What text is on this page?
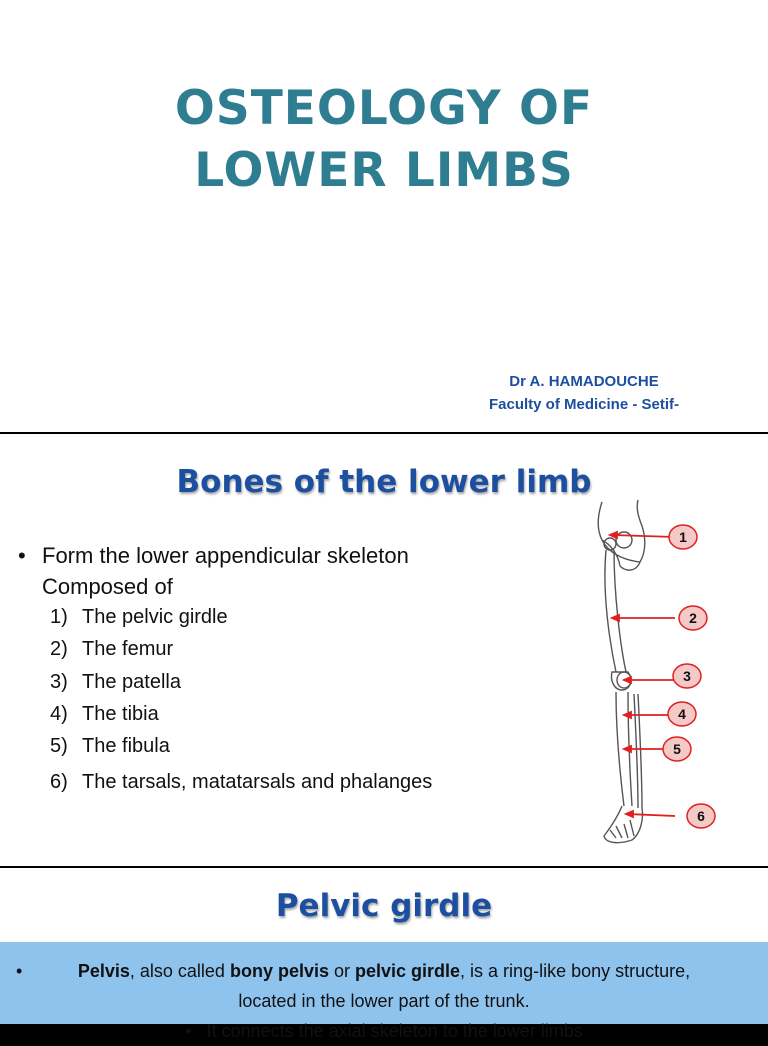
OSTEOLOGY OF
LOWER LIMBS
Dr A. HAMADOUCHE
Faculty of Medicine - Setif-
Bones of the lower limb
• Form the lower appendicular skeleton
Composed of
1) The pelvic girdle
2) The femur
3) The patella
4) The tibia
5) The fibula
6) The tarsals, matatarsals and phalanges
1
2
3
4
5
6
Pelvic girdle
•	Pelvis, also called bony pelvis or pelvic girdle, is a ring-like bony structure,
located in the lower part of the trunk.
• It connects the axial skeleton to the lower limbs
